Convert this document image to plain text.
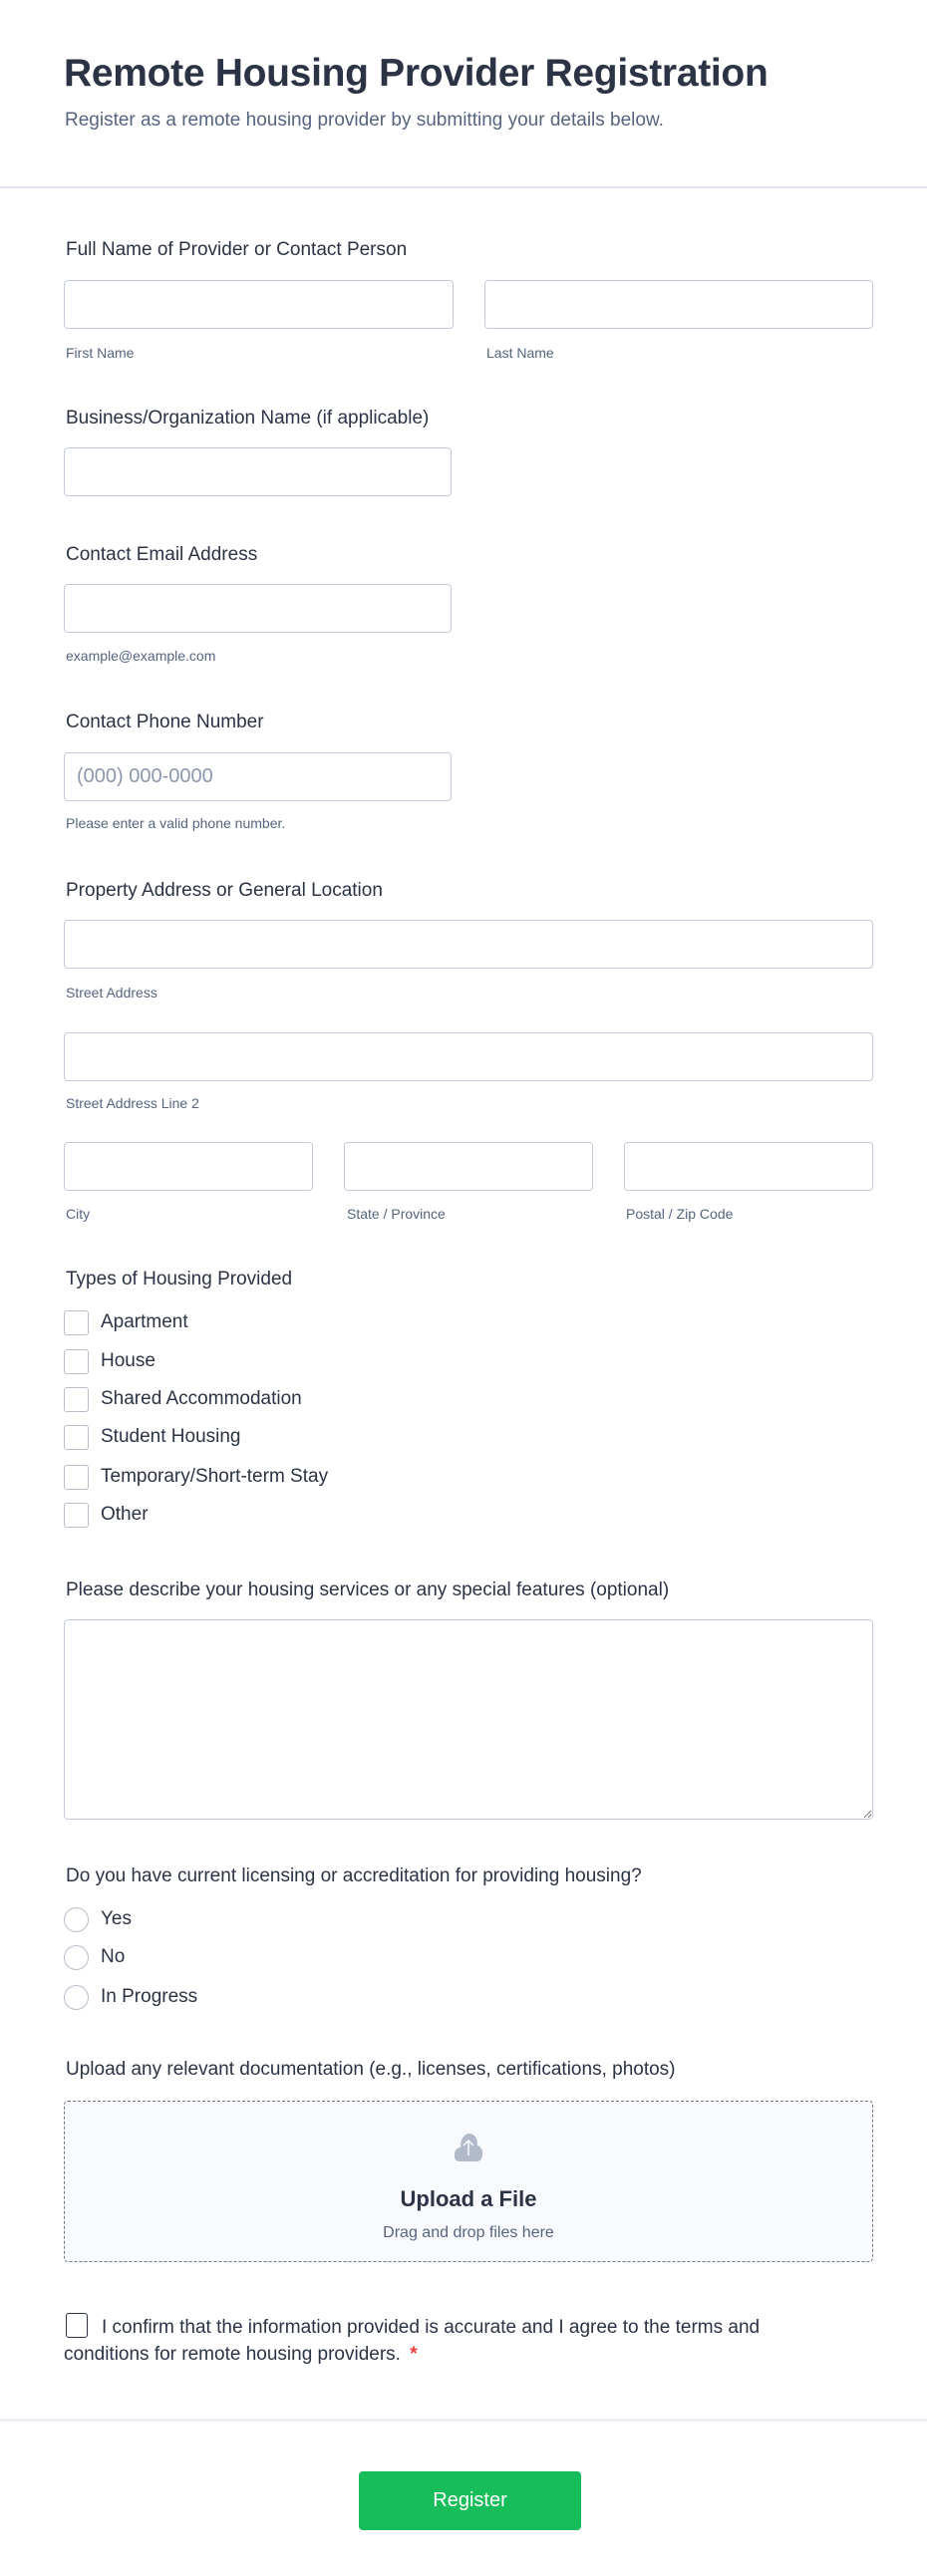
Remote Housing Provider Registration
Register as a remote housing provider by submitting your details below.
Full Name of Provider or Contact Person
First Name	Last Name
Business/Organization Name (if applicable)
Contact Email Address
example@example.com
Contact Phone Number
(000) 000-0000
Please enter a valid phone number.
Property Address or General Location
Street Address
Street Address Line 2
City	State / Province	Postal / Zip Code
Types of Housing Provided
Apartment
House
Shared Accommodation
Student Housing
Temporary/Short-term Stay
Other
Please describe your housing services or any special features (optional)
Do you have current licensing or accreditation for providing housing?
Yes
No
In Progress
Upload any relevant documentation (e.g., licenses, certifications, photos)
Upload a File
Drag and drop files here
I confirm that the information provided is accurate and I agree to the terms and conditions for remote housing providers. *
Register
